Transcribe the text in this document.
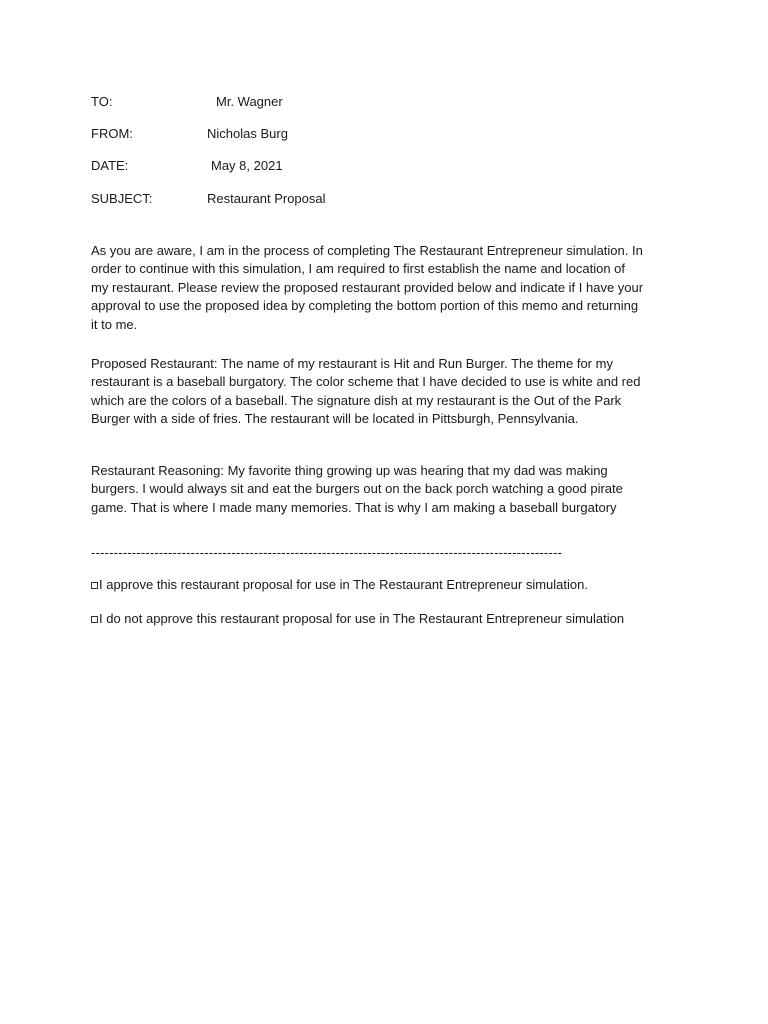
TO:	Mr. Wagner
FROM:	Nicholas Burg
DATE:	May 8, 2021
SUBJECT:	Restaurant Proposal
As you are aware, I am in the process of completing The Restaurant Entrepreneur simulation. In
order to continue with this simulation, I am required to first establish the name and location of
my restaurant. Please review the proposed restaurant provided below and indicate if I have your
approval to use the proposed idea by completing the bottom portion of this memo and returning
it to me.
Proposed Restaurant: The name of my restaurant is Hit and Run Burger. The theme for my
restaurant is a baseball burgatory. The color scheme that I have decided to use is white and red
which are the colors of a baseball. The signature dish at my restaurant is the Out of the Park
Burger with a side of fries. The restaurant will be located in Pittsburgh, Pennsylvania.
Restaurant Reasoning: My favorite thing growing up was hearing that my dad was making
burgers. I would always sit and eat the burgers out on the back porch watching a good pirate
game. That is where I made many memories. That is why I am making a baseball burgatory
--------------------------------------------------------------------------------------------------------
I approve this restaurant proposal for use in The Restaurant Entrepreneur simulation.
I do not approve this restaurant proposal for use in The Restaurant Entrepreneur simulation
